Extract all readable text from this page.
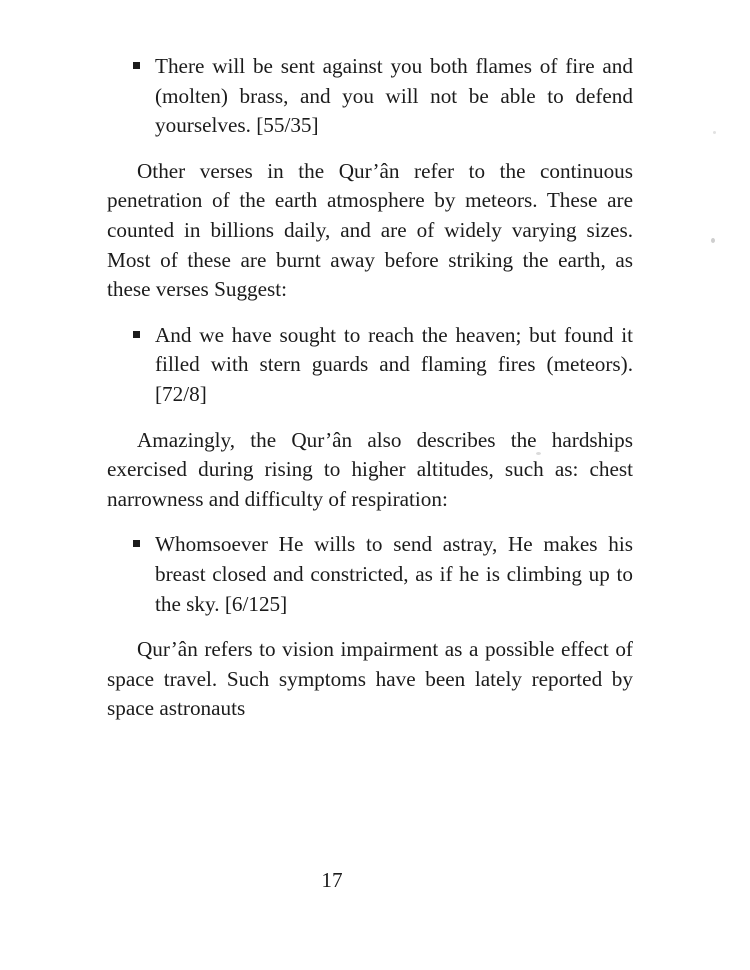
There will be sent against you both flames of fire and (molten) brass, and you will not be able to defend yourselves. [55/35]

Other verses in the Qur’ân refer to the continuous penetration of the earth atmosphere by meteors. These are counted in billions daily, and are of widely varying sizes. Most of these are burnt away before striking the earth, as these verses Suggest:

And we have sought to reach the heaven; but found it filled with stern guards and flaming fires (meteors). [72/8]

Amazingly, the Qur’ân also describes the hardships exercised during rising to higher altitudes, such as: chest narrowness and difficulty of respiration:

Whomsoever He wills to send astray, He makes his breast closed and constricted, as if he is climbing up to the sky. [6/125]

Qur’ân refers to vision impairment as a possible effect of space travel. Such symptoms have been lately reported by space astronauts

17
